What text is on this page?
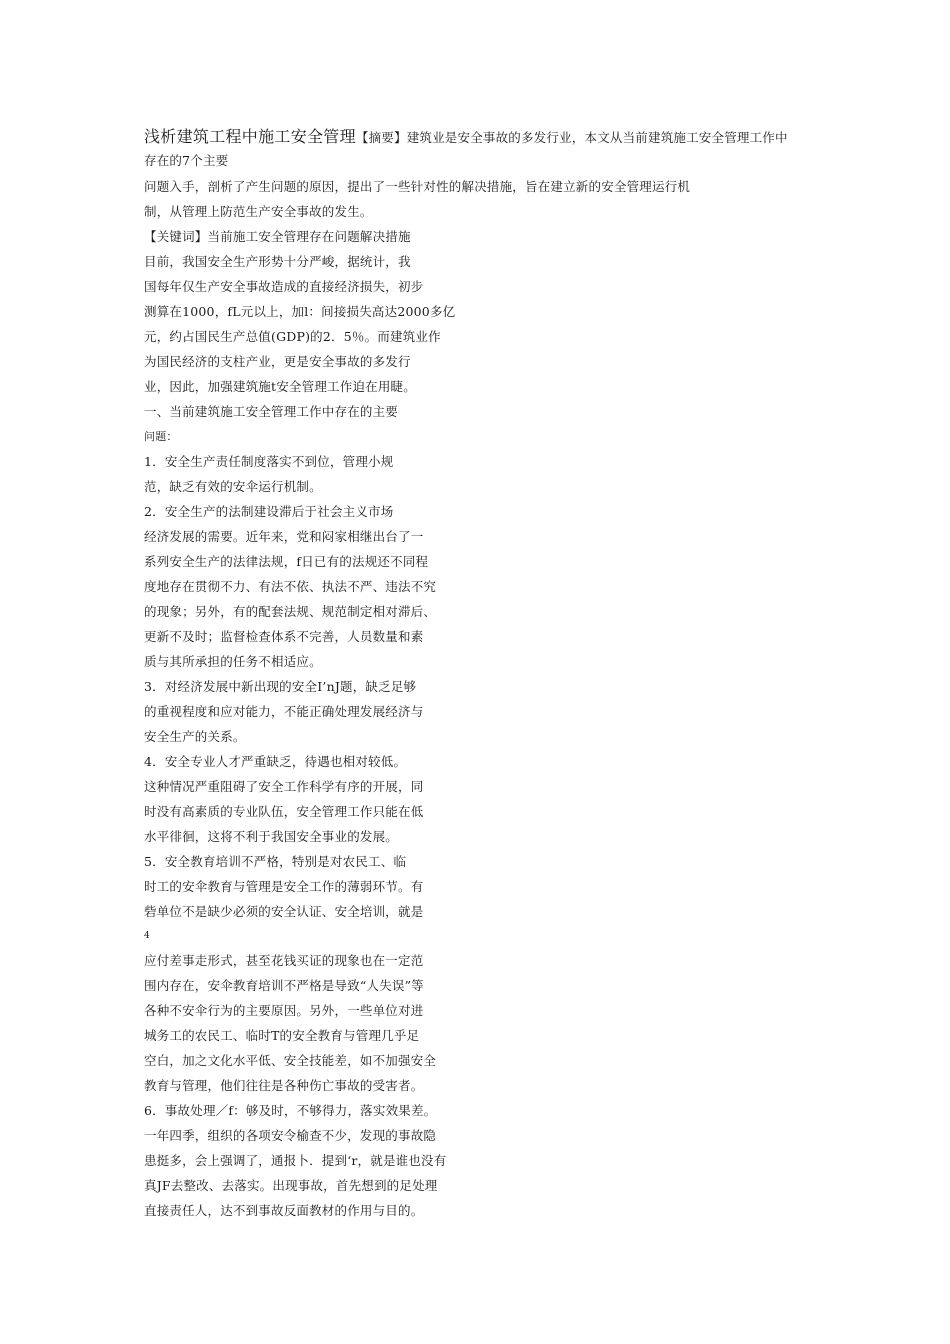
浅析建筑工程中施工安全管理【摘要】建筑业是安全事故的多发行业，本文从当前建筑施工安全管理工作中
存在的7个主要
问题入手，剖析了产生问题的原因，提出了一些针对性的解决措施，旨在建立新的安全管理运行机
制，从管理上防范生产安全事故的发生。
【关键词】当前施工安全管理存在问题解决措施
目前，我国安全生产形势十分严峻，据统计，我
国每年仅生产安全事故造成的直接经济损失，初步
测算在1000，fL元以上，加l：间接损失高达2000多亿
元，约占国民生产总值(GDP)的2．5％。而建筑业作
为国民经济的支柱产业，更是安全事故的多发行
业，因此，加强建筑施t安全管理工作迫在用睫。
一、当前建筑施工安全管理工作中存在的主要
问题：
1．安全生产责任制度落实不到位，管理小规
范，缺乏有效的安伞运行机制。
2．安全生产的法制建设滞后于社会主义市场
经济发展的需要。近年来，党和闷家相继出台了一
系列安全生产的法律法规，f日已有的法规还不同程
度地存在贯彻不力、有法不依、执法不严、违法不究
的现象；另外，有的配套法规、规范制定相对滞后、
更新不及时；监督检查体系不完善，人员数量和素
质与其所承担的任务不相适应。
3．对经济发展中新出现的安全I’nJ题，缺乏足够
的重视程度和应对能力，不能正确处理发展经济与
安全生产的关系。
4．安全专业人才严重缺乏，待遇也相对较低。
这种情况严重阻碍了安全工作科学有序的开展，同
时没有高素质的专业队伍，安全管理工作只能在低
水平徘徊，这将不利于我国安全事业的发展。
5．安全教育培训不严格，特别是对农民工、临
时工的安伞教育与管理是安全工作的薄弱环节。有
砦单位不是缺少必须的安全认证、安全培训，就是
4
应付差事走形式，甚至花钱买证的现象也在一定范
围内存在，安伞教育培训不严格是导致“人失误”等
各种不安伞行为的主要原因。另外，一些单位对进
城务工的农民工、临时T的安全教育与管理几乎足
空白，加之文化水平低、安全技能差，如不加强安全
教育与管理，他们往往是各种伤亡事故的受害者。
6．事故处理／f：够及时，不够得力，落实效果差。
一年四季，组织的各项安令榆查不少，发现的事故隐
患挺多，会上强调了，通报卜．提到‘r，就是谁也没有
真JF去整改、去落实。出现事故，首先想到的足处理
直接责任人，达不到事故反面教材的作用与目的。
